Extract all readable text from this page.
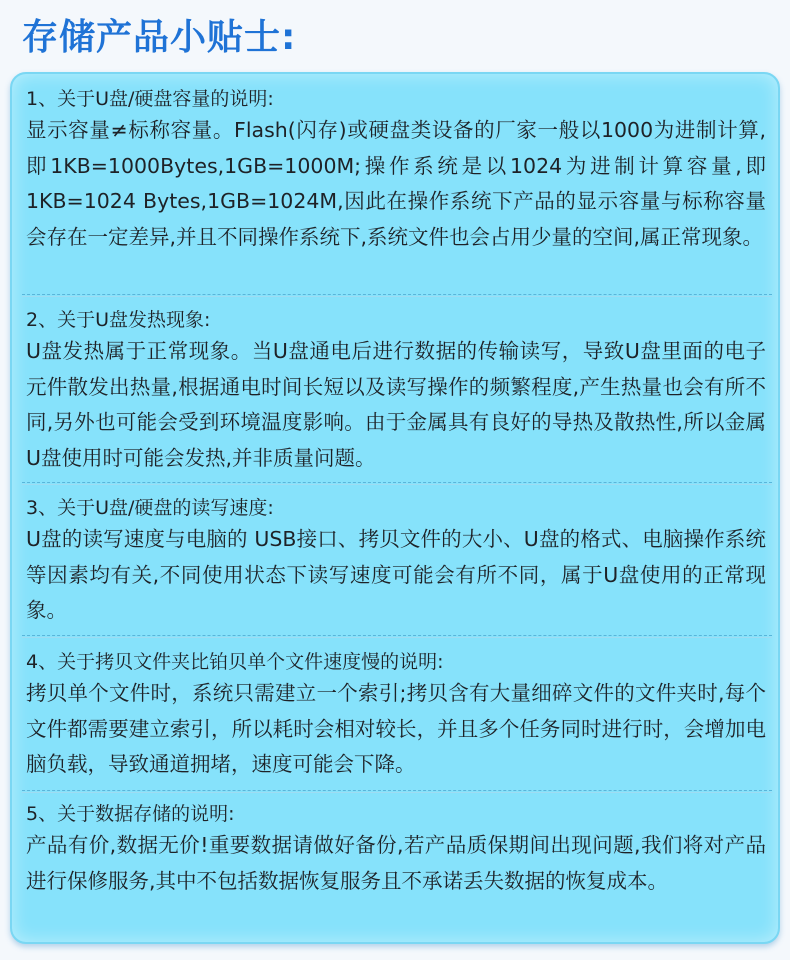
存储产品小贴士:
1、关于U盘/硬盘容量的说明:
显示容量≠标称容量。Flash(闪存)或硬盘类设备的厂家一般以1000为进制计算,即1KB=1000Bytes,1GB=1000M;操作系统是以1024为进制计算容量,即1KB=1024 Bytes,1GB=1024M,因此在操作系统下产品的显示容量与标称容量会存在一定差异,并且不同操作系统下,系统文件也会占用少量的空间,属正常现象。
2、关于U盘发热现象:
U盘发热属于正常现象。当U盘通电后进行数据的传输读写，导致U盘里面的电子元件散发出热量,根据通电时间长短以及读写操作的频繁程度,产生热量也会有所不同,另外也可能会受到环境温度影响。由于金属具有良好的导热及散热性,所以金属U盘使用时可能会发热,并非质量问题。
3、关于U盘/硬盘的读写速度:
U盘的读写速度与电脑的 USB接口、拷贝文件的大小、U盘的格式、电脑操作系统等因素均有关,不同使用状态下读写速度可能会有所不同，属于U盘使用的正常现象。
4、关于拷贝文件夹比铂贝单个文件速度慢的说明:
拷贝单个文件时，系统只需建立一个索引;拷贝含有大量细碎文件的文件夹时,每个文件都需要建立索引，所以耗时会相对较长，并且多个任务同时进行时，会增加电脑负载，导致通道拥堵，速度可能会下降。
5、关于数据存储的说明:
产品有价,数据无价!重要数据请做好备份,若产品质保期间出现问题,我们将对产品进行保修服务,其中不包括数据恢复服务且不承诺丢失数据的恢复成本。
